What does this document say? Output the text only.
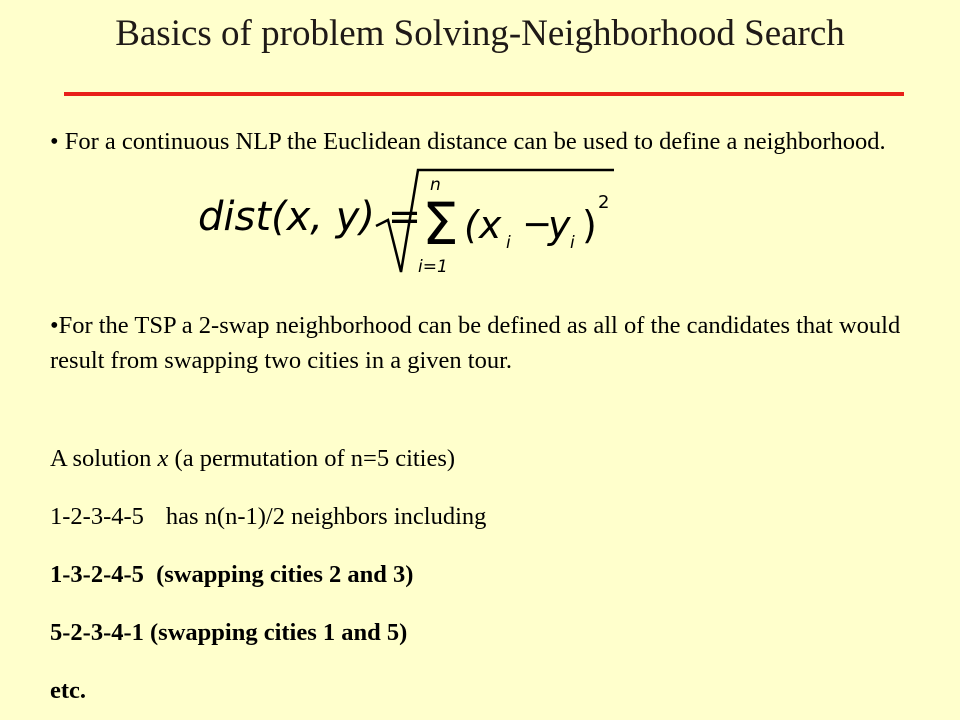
Basics of problem Solving-Neighborhood Search

• For a continuous NLP the Euclidean distance can be used to define a neighborhood.

dist(x, y) =
n
Σ
i=1
(x i −
y i )
2

•For the TSP a 2-swap neighborhood can be defined as all of the candidates that would result from swapping two cities in a given tour.

A solution x (a permutation of n=5 cities)

1-2-3-4-5 has n(n-1)/2 neighbors including

1-3-2-4-5  (swapping cities 2 and 3)

5-2-3-4-1 (swapping cities 1 and 5)

etc.
